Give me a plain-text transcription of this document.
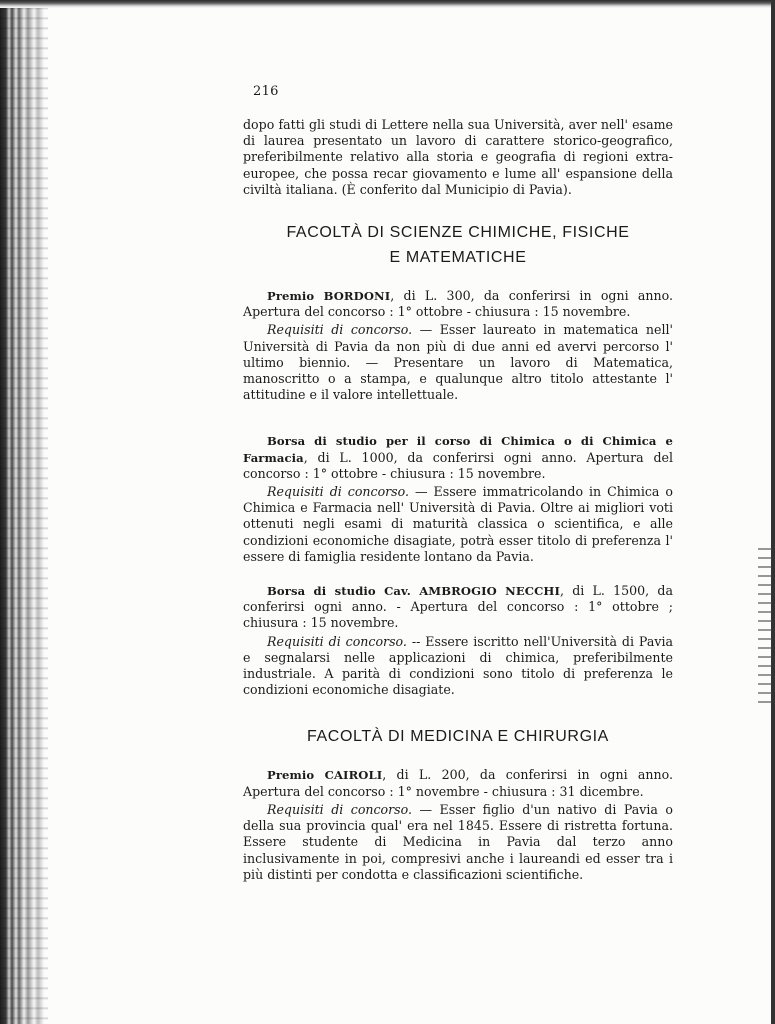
216

dopo fatti gli studi di Lettere nella sua Università, aver nell' esame di laurea presentato un lavoro di carattere storico-geografico, preferibilmente relativo alla storia e geografia di regioni extra-europee, che possa recar giovamento e lume all' espansione della civiltà italiana. (È conferito dal Municipio di Pavia).

FACOLTÀ DI SCIENZE CHIMICHE, FISICHE
E MATEMATICHE

Premio BORDONI, di L. 300, da conferirsi in ogni anno. Apertura del concorso : 1° ottobre - chiusura : 15 novembre.

Requisiti di concorso. — Esser laureato in matematica nell' Università di Pavia da non più di due anni ed avervi percorso l' ultimo biennio. — Presentare un lavoro di Matematica, manoscritto o a stampa, e qualunque altro titolo attestante l' attitudine e il valore intellettuale.

Borsa di studio per il corso di Chimica o di Chimica e Farmacia, di L. 1000, da conferirsi ogni anno. Apertura del concorso : 1° ottobre - chiusura : 15 novembre.

Requisiti di concorso. — Essere immatricolando in Chimica o Chimica e Farmacia nell' Università di Pavia. Oltre ai migliori voti ottenuti negli esami di maturità classica o scientifica, e alle condizioni economiche disagiate, potrà esser titolo di preferenza l' essere di famiglia residente lontano da Pavia.

Borsa di studio Cav. AMBROGIO NECCHI, di L. 1500, da conferirsi ogni anno. - Apertura del concorso : 1° ottobre ; chiusura : 15 novembre.

Requisiti di concorso. -- Essere iscritto nell'Università di Pavia e segnalarsi nelle applicazioni di chimica, preferibilmente industriale. A parità di condizioni sono titolo di preferenza le condizioni economiche disagiate.

FACOLTÀ DI MEDICINA E CHIRURGIA

Premio CAIROLI, di L. 200, da conferirsi in ogni anno. Apertura del concorso : 1° novembre - chiusura : 31 dicembre.

Requisiti di concorso. — Esser figlio d'un nativo di Pavia o della sua provincia qual' era nel 1845. Essere di ristretta fortuna. Essere studente di Medicina in Pavia dal terzo anno inclusivamente in poi, compresivi anche i laureandi ed esser tra i più distinti per condotta e classificazioni scientifiche.
